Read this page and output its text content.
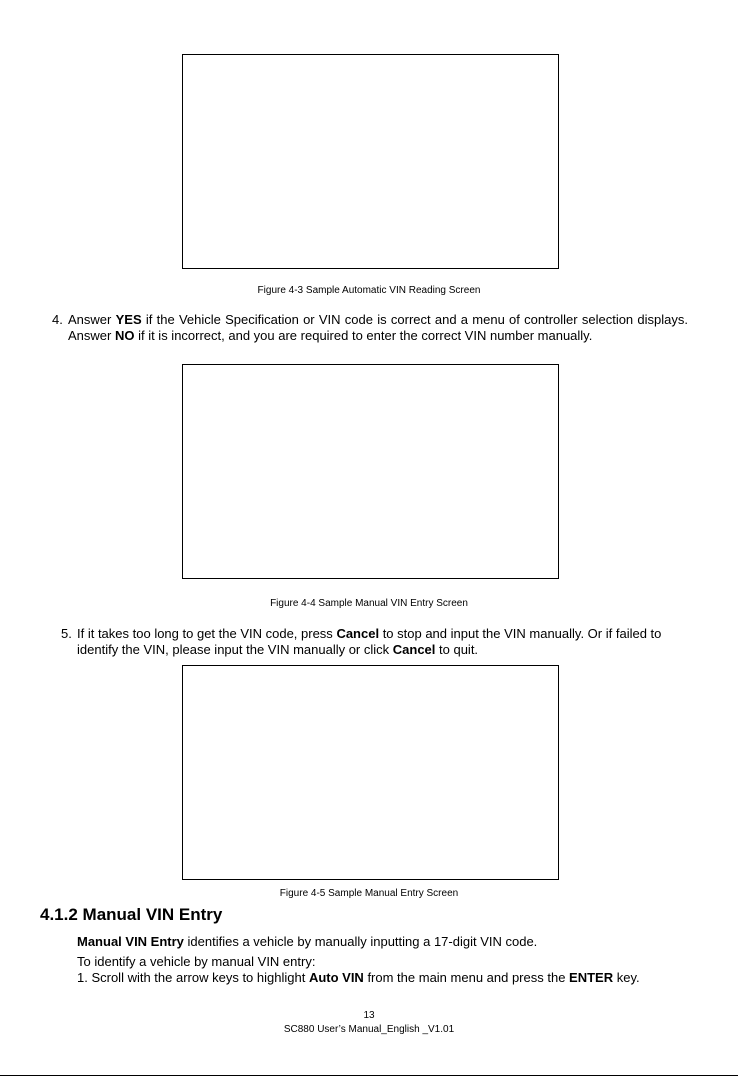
Figure 4-3 Sample Automatic VIN Reading Screen
4. Answer YES if the Vehicle Specification or VIN code is correct and a menu of controller selection displays. Answer NO if it is incorrect, and you are required to enter the correct VIN number manually.
Figure 4-4 Sample Manual VIN Entry Screen
5. If it takes too long to get the VIN code, press Cancel to stop and input the VIN manually. Or if failed to identify the VIN, please input the VIN manually or click Cancel to quit.
Figure 4-5 Sample Manual Entry Screen
4.1.2 Manual VIN Entry
Manual VIN Entry identifies a vehicle by manually inputting a 17-digit VIN code.
To identify a vehicle by manual VIN entry:
1. Scroll with the arrow keys to highlight Auto VIN from the main menu and press the ENTER key.
13
SC880 User’s Manual_English _V1.01
